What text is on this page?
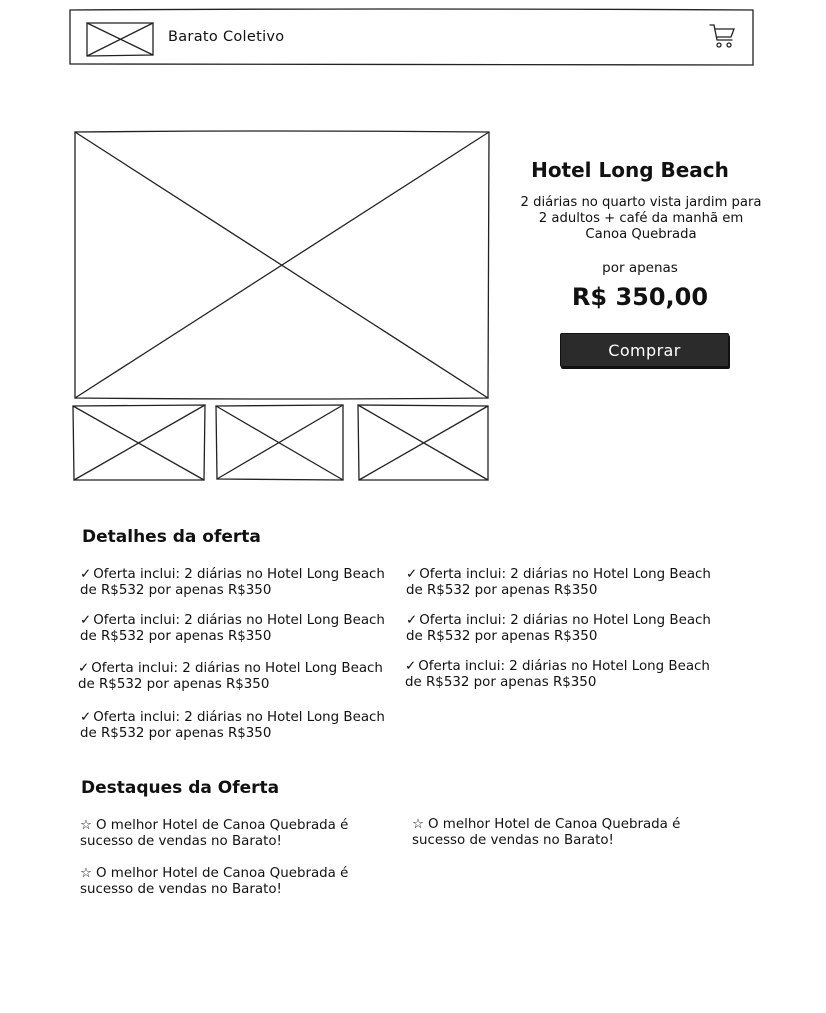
Barato Coletivo
Hotel Long Beach
2 diárias no quarto vista jardim para 2 adultos + café da manhã em Canoa Quebrada
por apenas
R$ 350,00
Comprar
Detalhes da oferta
✓ Oferta inclui: 2 diárias no Hotel Long Beach de R$532 por apenas R$350
✓ Oferta inclui: 2 diárias no Hotel Long Beach de R$532 por apenas R$350
✓ Oferta inclui: 2 diárias no Hotel Long Beach de R$532 por apenas R$350
✓ Oferta inclui: 2 diárias no Hotel Long Beach de R$532 por apenas R$350
✓ Oferta inclui: 2 diárias no Hotel Long Beach de R$532 por apenas R$350
✓ Oferta inclui: 2 diárias no Hotel Long Beach de R$532 por apenas R$350
✓ Oferta inclui: 2 diárias no Hotel Long Beach de R$532 por apenas R$350
Destaques da Oferta
☆ O melhor Hotel de Canoa Quebrada é sucesso de vendas no Barato!
☆ O melhor Hotel de Canoa Quebrada é sucesso de vendas no Barato!
☆ O melhor Hotel de Canoa Quebrada é sucesso de vendas no Barato!
